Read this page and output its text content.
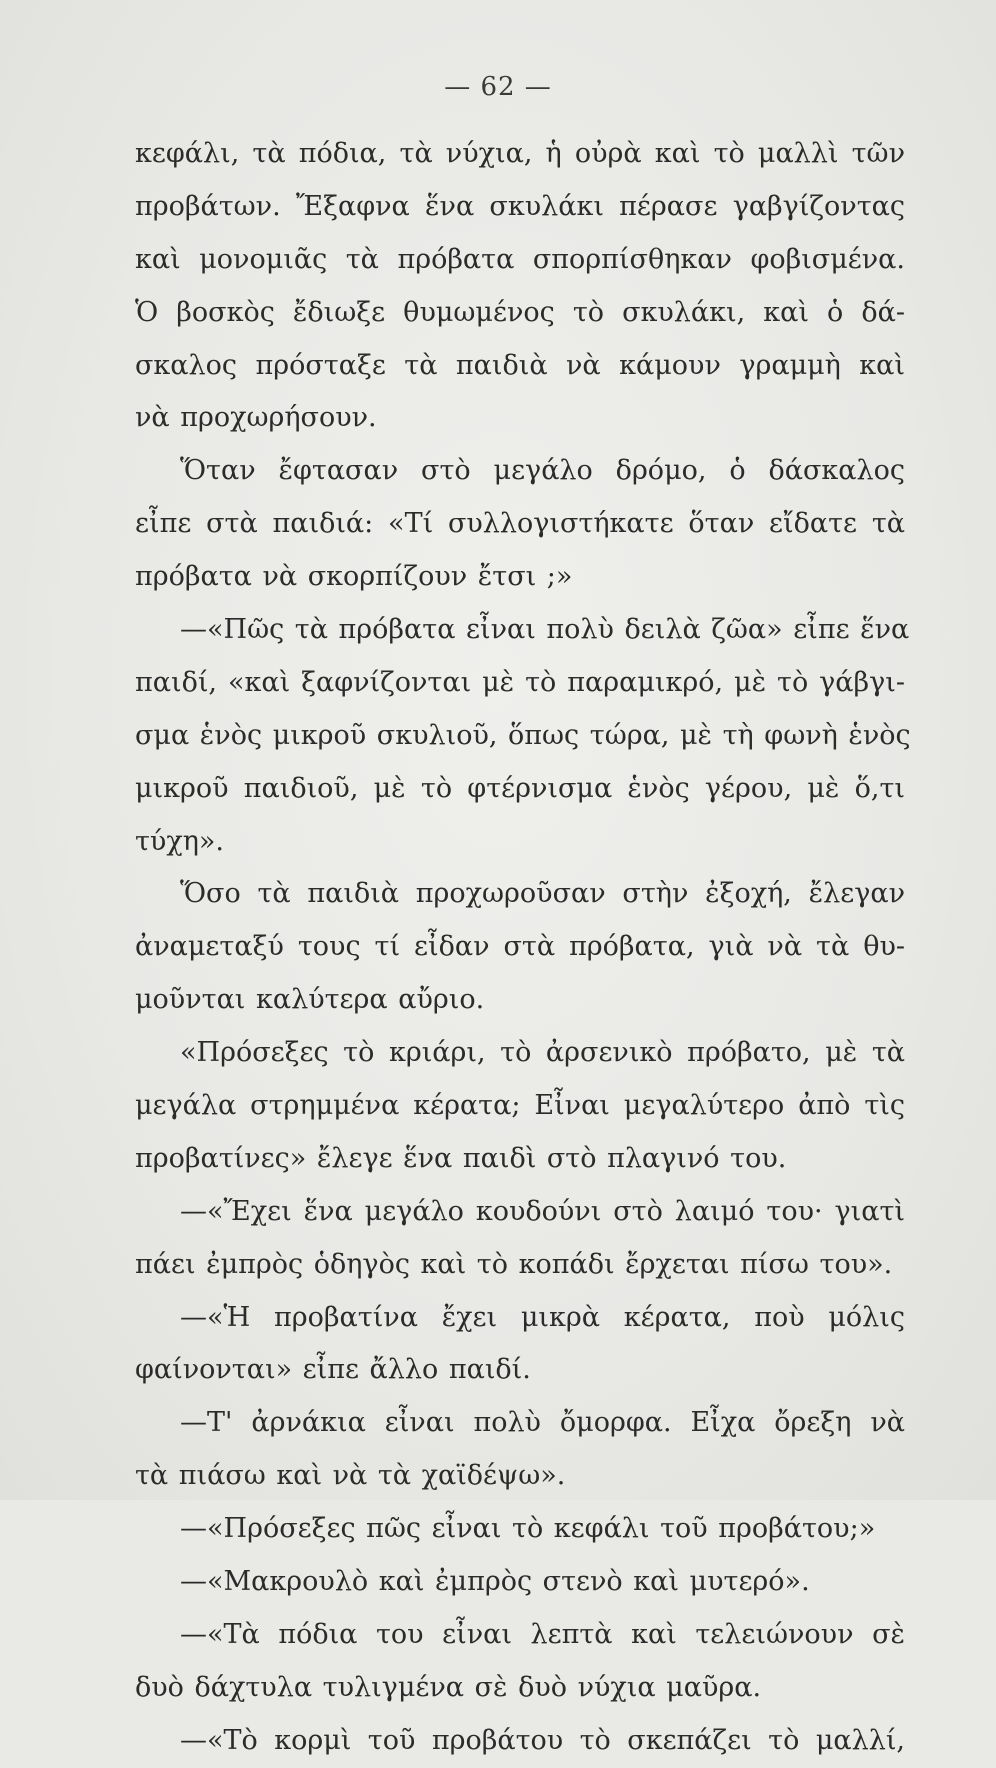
— 62 —
κεφάλι, τὰ πόδια, τὰ νύχια, ἡ οὐρὰ καὶ τὸ μαλλὶ τῶν
προβάτων. Ἔξαφνα ἕνα σκυλάκι πέρασε γαβγίζοντας
καὶ μονομιᾶς τὰ πρόβατα σπορπίσθηκαν φοβισμένα.
Ὁ βοσκὸς ἔδιωξε θυμωμένος τὸ σκυλάκι, καὶ ὁ δά-
σκαλος πρόσταξε τὰ παιδιὰ νὰ κάμουν γραμμὴ καὶ
νὰ προχωρήσουν.
Ὅταν ἔφτασαν στὸ μεγάλο δρόμο, ὁ δάσκαλος
εἶπε στὰ παιδιά: «Τί συλλογιστήκατε ὅταν εἴδατε τὰ
πρόβατα νὰ σκορπίζουν ἔτσι ;»
—«Πῶς τὰ πρόβατα εἶναι πολὺ δειλὰ ζῶα» εἶπε ἕνα
παιδί, «καὶ ξαφνίζονται μὲ τὸ παραμικρό, μὲ τὸ γάβγι-
σμα ἑνὸς μικροῦ σκυλιοῦ, ὅπως τώρα, μὲ τὴ φωνὴ ἑνὸς
μικροῦ παιδιοῦ, μὲ τὸ φτέρνισμα ἑνὸς γέρου, μὲ ὅ,τι
τύχη».
Ὅσο τὰ παιδιὰ προχωροῦσαν στὴν ἐξοχή, ἔλεγαν
ἀναμεταξύ τους τί εἶδαν στὰ πρόβατα, γιὰ νὰ τὰ θυ-
μοῦνται καλύτερα αὔριο.
«Πρόσεξες τὸ κριάρι, τὸ ἀρσενικὸ πρόβατο, μὲ τὰ
μεγάλα στρημμένα κέρατα; Εἶναι μεγαλύτερο ἀπὸ τὶς
προβατίνες» ἔλεγε ἕνα παιδὶ στὸ πλαγινό του.
—«Ἔχει ἕνα μεγάλο κουδούνι στὸ λαιμό του· γιατὶ
πάει ἐμπρὸς ὁδηγὸς καὶ τὸ κοπάδι ἔρχεται πίσω του».
—«Ἡ προβατίνα ἔχει μικρὰ κέρατα, ποὺ μόλις
φαίνονται» εἶπε ἄλλο παιδί.
—Τ' ἀρνάκια εἶναι πολὺ ὄμορφα. Εἶχα ὄρεξη νὰ
τὰ πιάσω καὶ νὰ τὰ χαϊδέψω».
—«Πρόσεξες πῶς εἶναι τὸ κεφάλι τοῦ προβάτου;»
—«Μακρουλὸ καὶ ἐμπρὸς στενὸ καὶ μυτερό».
—«Τὰ πόδια του εἶναι λεπτὰ καὶ τελειώνουν σὲ
δυὸ δάχτυλα τυλιγμένα σὲ δυὸ νύχια μαῦρα.
—«Τὸ κορμὶ τοῦ προβάτου τὸ σκεπάζει τὸ μαλλί,
